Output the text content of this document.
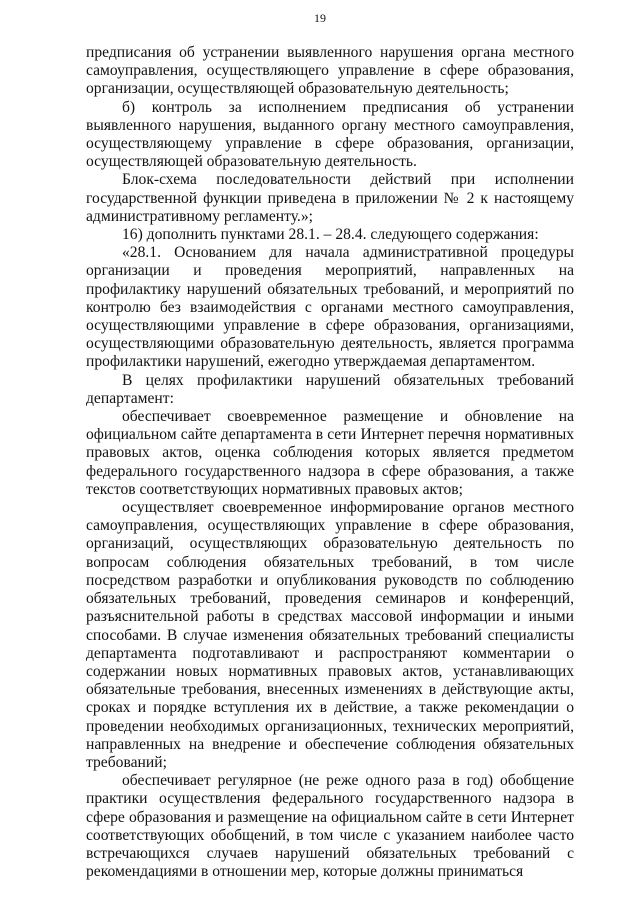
19

предписания об устранении выявленного нарушения органа местного самоуправления, осуществляющего управление в сфере образования, организации, осуществляющей образовательную деятельность;

б) контроль за исполнением предписания об устранении выявленного нарушения, выданного органу местного самоуправления, осуществляющему управление в сфере образования, организации, осуществляющей образовательную деятельность.

Блок-схема последовательности действий при исполнении государственной функции приведена в приложении № 2 к настоящему административному регламенту.»;

16) дополнить пунктами 28.1. – 28.4. следующего содержания:

«28.1. Основанием для начала административной процедуры организации и проведения мероприятий, направленных на профилактику нарушений обязательных требований, и мероприятий по контролю без взаимодействия с органами местного самоуправления, осуществляющими управление в сфере образования, организациями, осуществляющими образовательную деятельность, является программа профилактики нарушений, ежегодно утверждаемая департаментом.

В целях профилактики нарушений обязательных требований департамент:

обеспечивает своевременное размещение и обновление на официальном сайте департамента в сети Интернет перечня нормативных правовых актов, оценка соблюдения которых является предметом федерального государственного надзора в сфере образования, а также текстов соответствующих нормативных правовых актов;

осуществляет своевременное информирование органов местного самоуправления, осуществляющих управление в сфере образования, организаций, осуществляющих образовательную деятельность по вопросам соблюдения обязательных требований, в том числе посредством разработки и опубликования руководств по соблюдению обязательных требований, проведения семинаров и конференций, разъяснительной работы в средствах массовой информации и иными способами. В случае изменения обязательных требований специалисты департамента подготавливают и распространяют комментарии о содержании новых нормативных правовых актов, устанавливающих обязательные требования, внесенных изменениях в действующие акты, сроках и порядке вступления их в действие, а также рекомендации о проведении необходимых организационных, технических мероприятий, направленных на внедрение и обеспечение соблюдения обязательных требований;

обеспечивает регулярное (не реже одного раза в год) обобщение практики осуществления федерального государственного надзора в сфере образования и размещение на официальном сайте в сети Интернет соответствующих обобщений, в том числе с указанием наиболее часто встречающихся случаев нарушений обязательных требований с рекомендациями в отношении мер, которые должны приниматься
